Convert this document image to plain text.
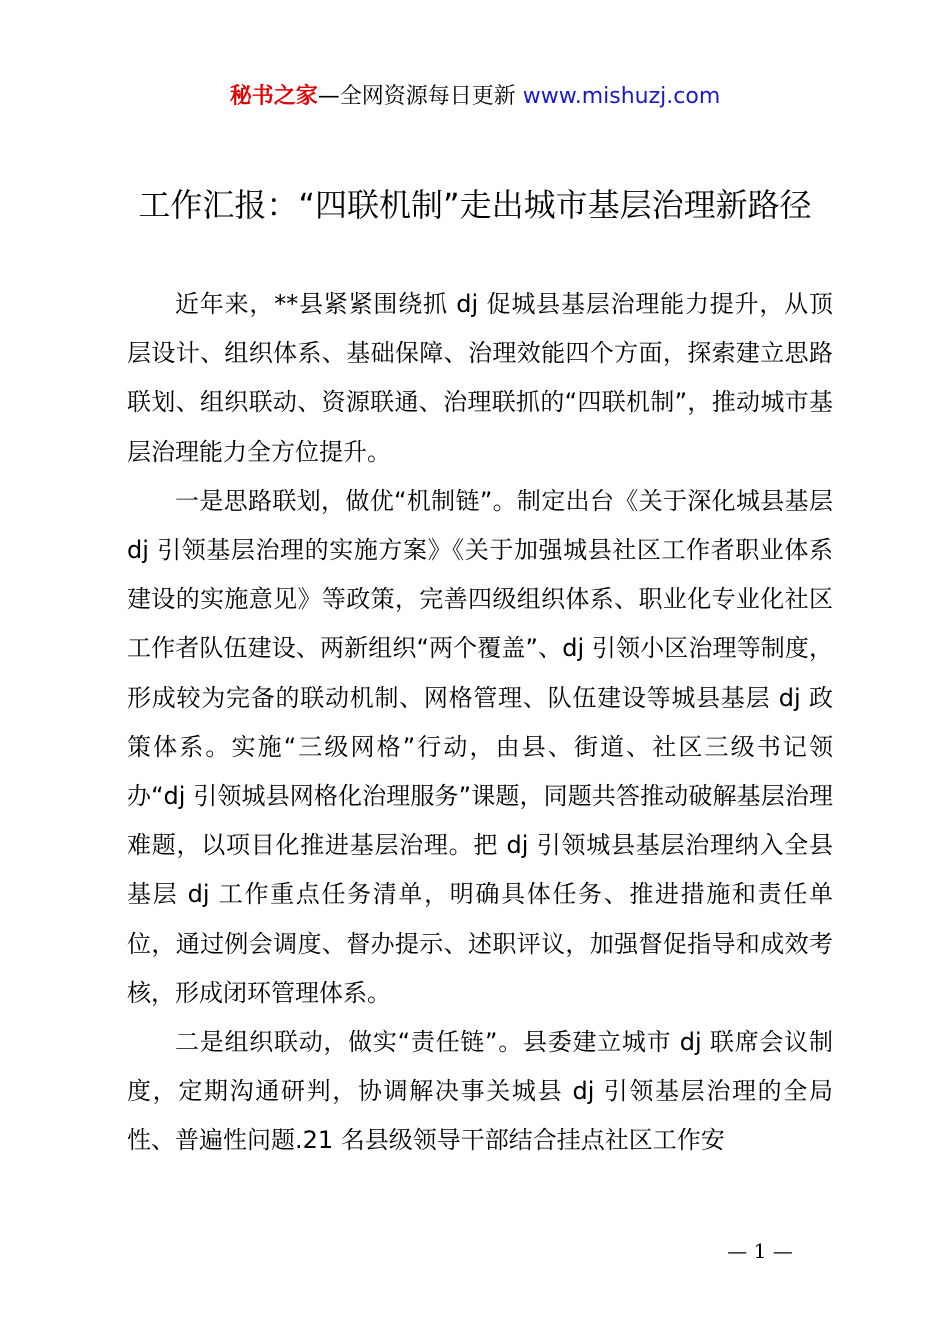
秘书之家—全网资源每日更新 www.mishuzj.com
工作汇报：“四联机制”走出城市基层治理新路径

近年来，**县紧紧围绕抓 dj 促城县基层治理能力提升，从顶层设计、组织体系、基础保障、治理效能四个方面，探索建立思路联划、组织联动、资源联通、治理联抓的“四联机制”，推动城市基层治理能力全方位提升。

一是思路联划，做优“机制链”。制定出台《关于深化城县基层 dj 引领基层治理的实施方案》《关于加强城县社区工作者职业体系建设的实施意见》等政策，完善四级组织体系、职业化专业化社区工作者队伍建设、两新组织“两个覆盖”、dj 引领小区治理等制度，形成较为完备的联动机制、网格管理、队伍建设等城县基层 dj 政策体系。实施“三级网格”行动，由县、街道、社区三级书记领办“dj 引领城县网格化治理服务”课题，同题共答推动破解基层治理难题，以项目化推进基层治理。把 dj 引领城县基层治理纳入全县基层 dj 工作重点任务清单，明确具体任务、推进措施和责任单位，通过例会调度、督办提示、述职评议，加强督促指导和成效考核，形成闭环管理体系。

二是组织联动，做实“责任链”。县委建立城市 dj 联席会议制度，定期沟通研判，协调解决事关城县 dj 引领基层治理的全局性、普遍性问题.21 名县级领导干部结合挂点社区工作安

— 1 —
